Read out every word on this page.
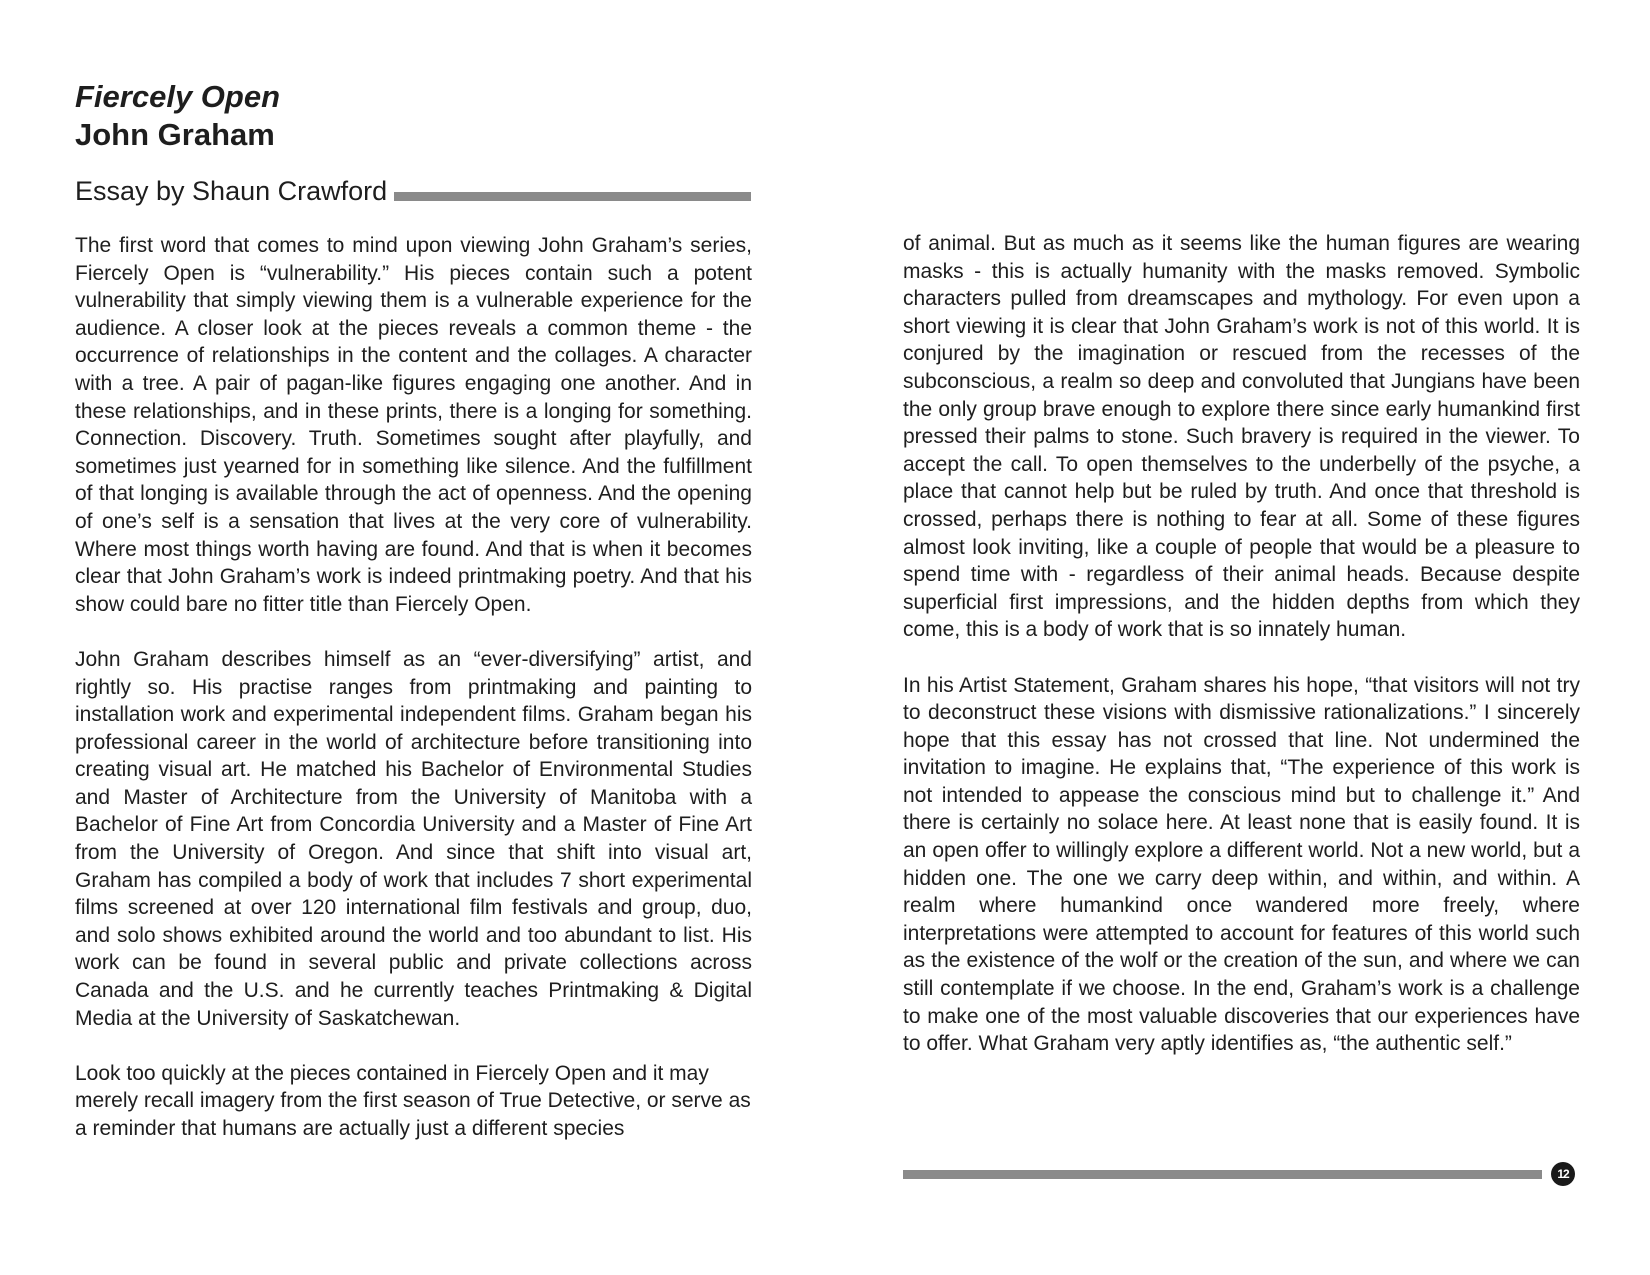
Fiercely Open
John Graham
Essay by Shaun Crawford

The first word that comes to mind upon viewing John Graham’s series, Fiercely Open is “vulnerability.” His pieces contain such a potent vulnerability that simply viewing them is a vulnerable experience for the audience. A closer look at the pieces reveals a common theme - the occurrence of relationships in the content and the collages. A character with a tree. A pair of pagan-like figures engaging one another. And in these relationships, and in these prints, there is a longing for something. Connection. Discovery. Truth. Sometimes sought after playfully, and sometimes just yearned for in something like silence. And the fulfillment of that longing is available through the act of openness. And the opening of one’s self is a sensation that lives at the very core of vulnerability. Where most things worth having are found. And that is when it becomes clear that John Graham’s work is indeed printmaking poetry. And that his show could bare no fitter title than Fiercely Open.

John Graham describes himself as an “ever-diversifying” artist, and rightly so. His practise ranges from printmaking and painting to installation work and experimental independent films. Graham began his professional career in the world of architecture before transitioning into creating visual art. He matched his Bachelor of Environmental Studies and Master of Architecture from the University of Manitoba with a Bachelor of Fine Art from Concordia University and a Master of Fine Art from the University of Oregon. And since that shift into visual art, Graham has compiled a body of work that includes 7 short experimental films screened at over 120 international film festivals and group, duo, and solo shows exhibited around the world and too abundant to list. His work can be found in several public and private collections across Canada and the U.S. and he currently teaches Printmaking & Digital Media at the University of Saskatchewan.

Look too quickly at the pieces contained in Fiercely Open and it may merely recall imagery from the first season of True Detective, or serve as a reminder that humans are actually just a different species

of animal. But as much as it seems like the human figures are wearing masks - this is actually humanity with the masks removed. Symbolic characters pulled from dreamscapes and mythology. For even upon a short viewing it is clear that John Graham’s work is not of this world. It is conjured by the imagination or rescued from the recesses of the subconscious, a realm so deep and convoluted that Jungians have been the only group brave enough to explore there since early humankind first pressed their palms to stone. Such bravery is required in the viewer. To accept the call. To open themselves to the underbelly of the psyche, a place that cannot help but be ruled by truth. And once that threshold is crossed, perhaps there is nothing to fear at all. Some of these figures almost look inviting, like a couple of people that would be a pleasure to spend time with - regardless of their animal heads. Because despite superficial first impressions, and the hidden depths from which they come, this is a body of work that is so innately human.

In his Artist Statement, Graham shares his hope, “that visitors will not try to deconstruct these visions with dismissive rationalizations.” I sincerely hope that this essay has not crossed that line. Not undermined the invitation to imagine. He explains that, “The experience of this work is not intended to appease the conscious mind but to challenge it.” And there is certainly no solace here. At least none that is easily found. It is an open offer to willingly explore a different world. Not a new world, but a hidden one. The one we carry deep within, and within, and within. A realm where humankind once wandered more freely, where interpretations were attempted to account for features of this world such as the existence of the wolf or the creation of the sun, and where we can still contemplate if we choose. In the end, Graham’s work is a challenge to make one of the most valuable discoveries that our experiences have to offer. What Graham very aptly identifies as, “the authentic self.”

12
